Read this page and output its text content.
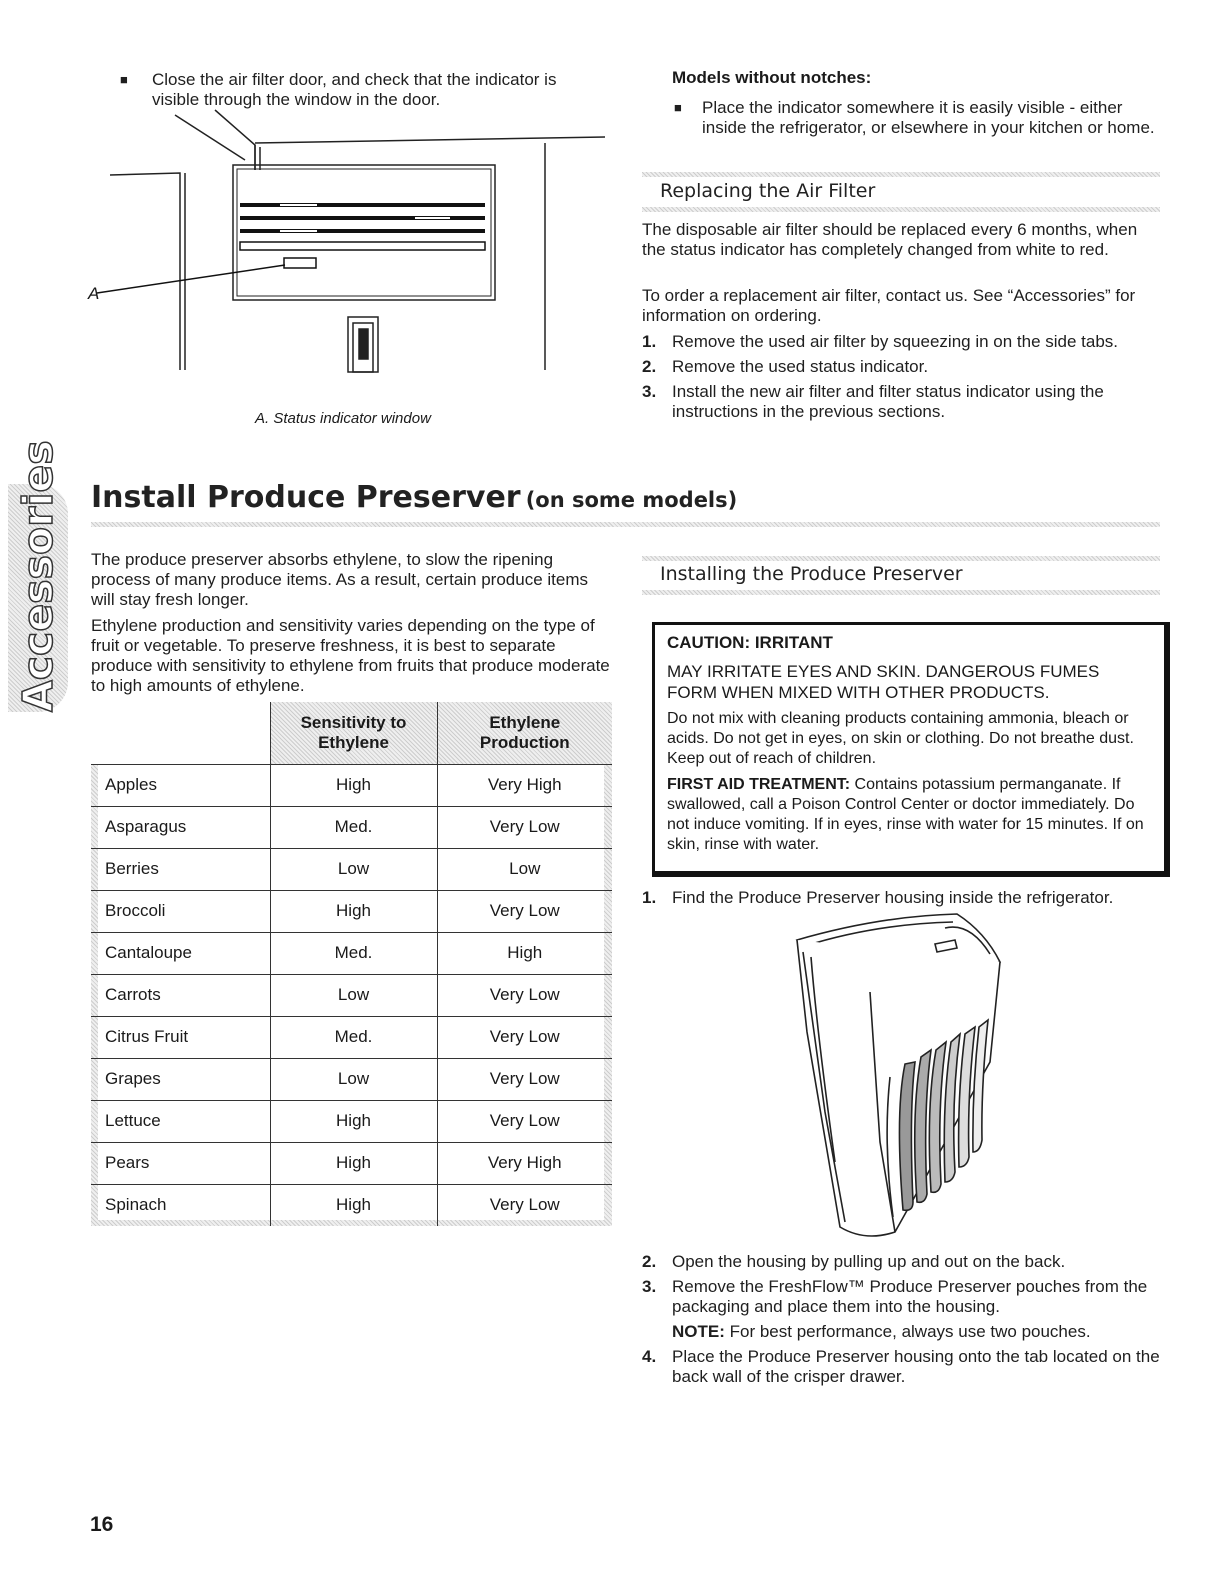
■	Close the air filter door, and check that the indicator is visible through the window in the door.
A
A. Status indicator window
Models without notches:
■	Place the indicator somewhere it is easily visible - either inside the refrigerator, or elsewhere in your kitchen or home.
Replacing the Air Filter
The disposable air filter should be replaced every 6 months, when the status indicator has completely changed from white to red.
To order a replacement air filter, contact us. See “Accessories” for information on ordering.
1. Remove the used air filter by squeezing in on the side tabs.
2. Remove the used status indicator.
3. Install the new air filter and filter status indicator using the instructions in the previous sections.
Accessories Install Produce Preserver (on some models)
The produce preserver absorbs ethylene, to slow the ripening process of many produce items. As a result, certain produce items will stay fresh longer.
Ethylene production and sensitivity varies depending on the type of fruit or vegetable. To preserve freshness, it is best to separate produce with sensitivity to ethylene from fruits that produce moderate to high amounts of ethylene.

	Sensitivity to Ethylene	Ethylene Production

Apples	High	Very High
Asparagus	Med.	Very Low
Berries	Low	Low
Broccoli	High	Very Low
Cantaloupe	Med.	High
Carrots	Low	Very Low
Citrus Fruit	Med.	Very Low
Grapes	Low	Very Low
Lettuce	High	Very Low
Pears	High	Very High
Spinach	High	Very Low
Installing the Produce Preserver
CAUTION: IRRITANT
MAY IRRITATE EYES AND SKIN. DANGEROUS FUMES FORM WHEN MIXED WITH OTHER PRODUCTS.
Do not mix with cleaning products containing ammonia, bleach or acids. Do not get in eyes, on skin or clothing. Do not breathe dust. Keep out of reach of children.
FIRST AID TREATMENT: Contains potassium permanganate. If swallowed, call a Poison Control Center or doctor immediately. Do not induce vomiting. If in eyes, rinse with water for 15 minutes. If on skin, rinse with water.
1. Find the Produce Preserver housing inside the refrigerator.
2. Open the housing by pulling up and out on the back.
3. Remove the FreshFlow™ Produce Preserver pouches from the packaging and place them into the housing.
NOTE: For best performance, always use two pouches.
4. Place the Produce Preserver housing onto the tab located on the back wall of the crisper drawer.
16
